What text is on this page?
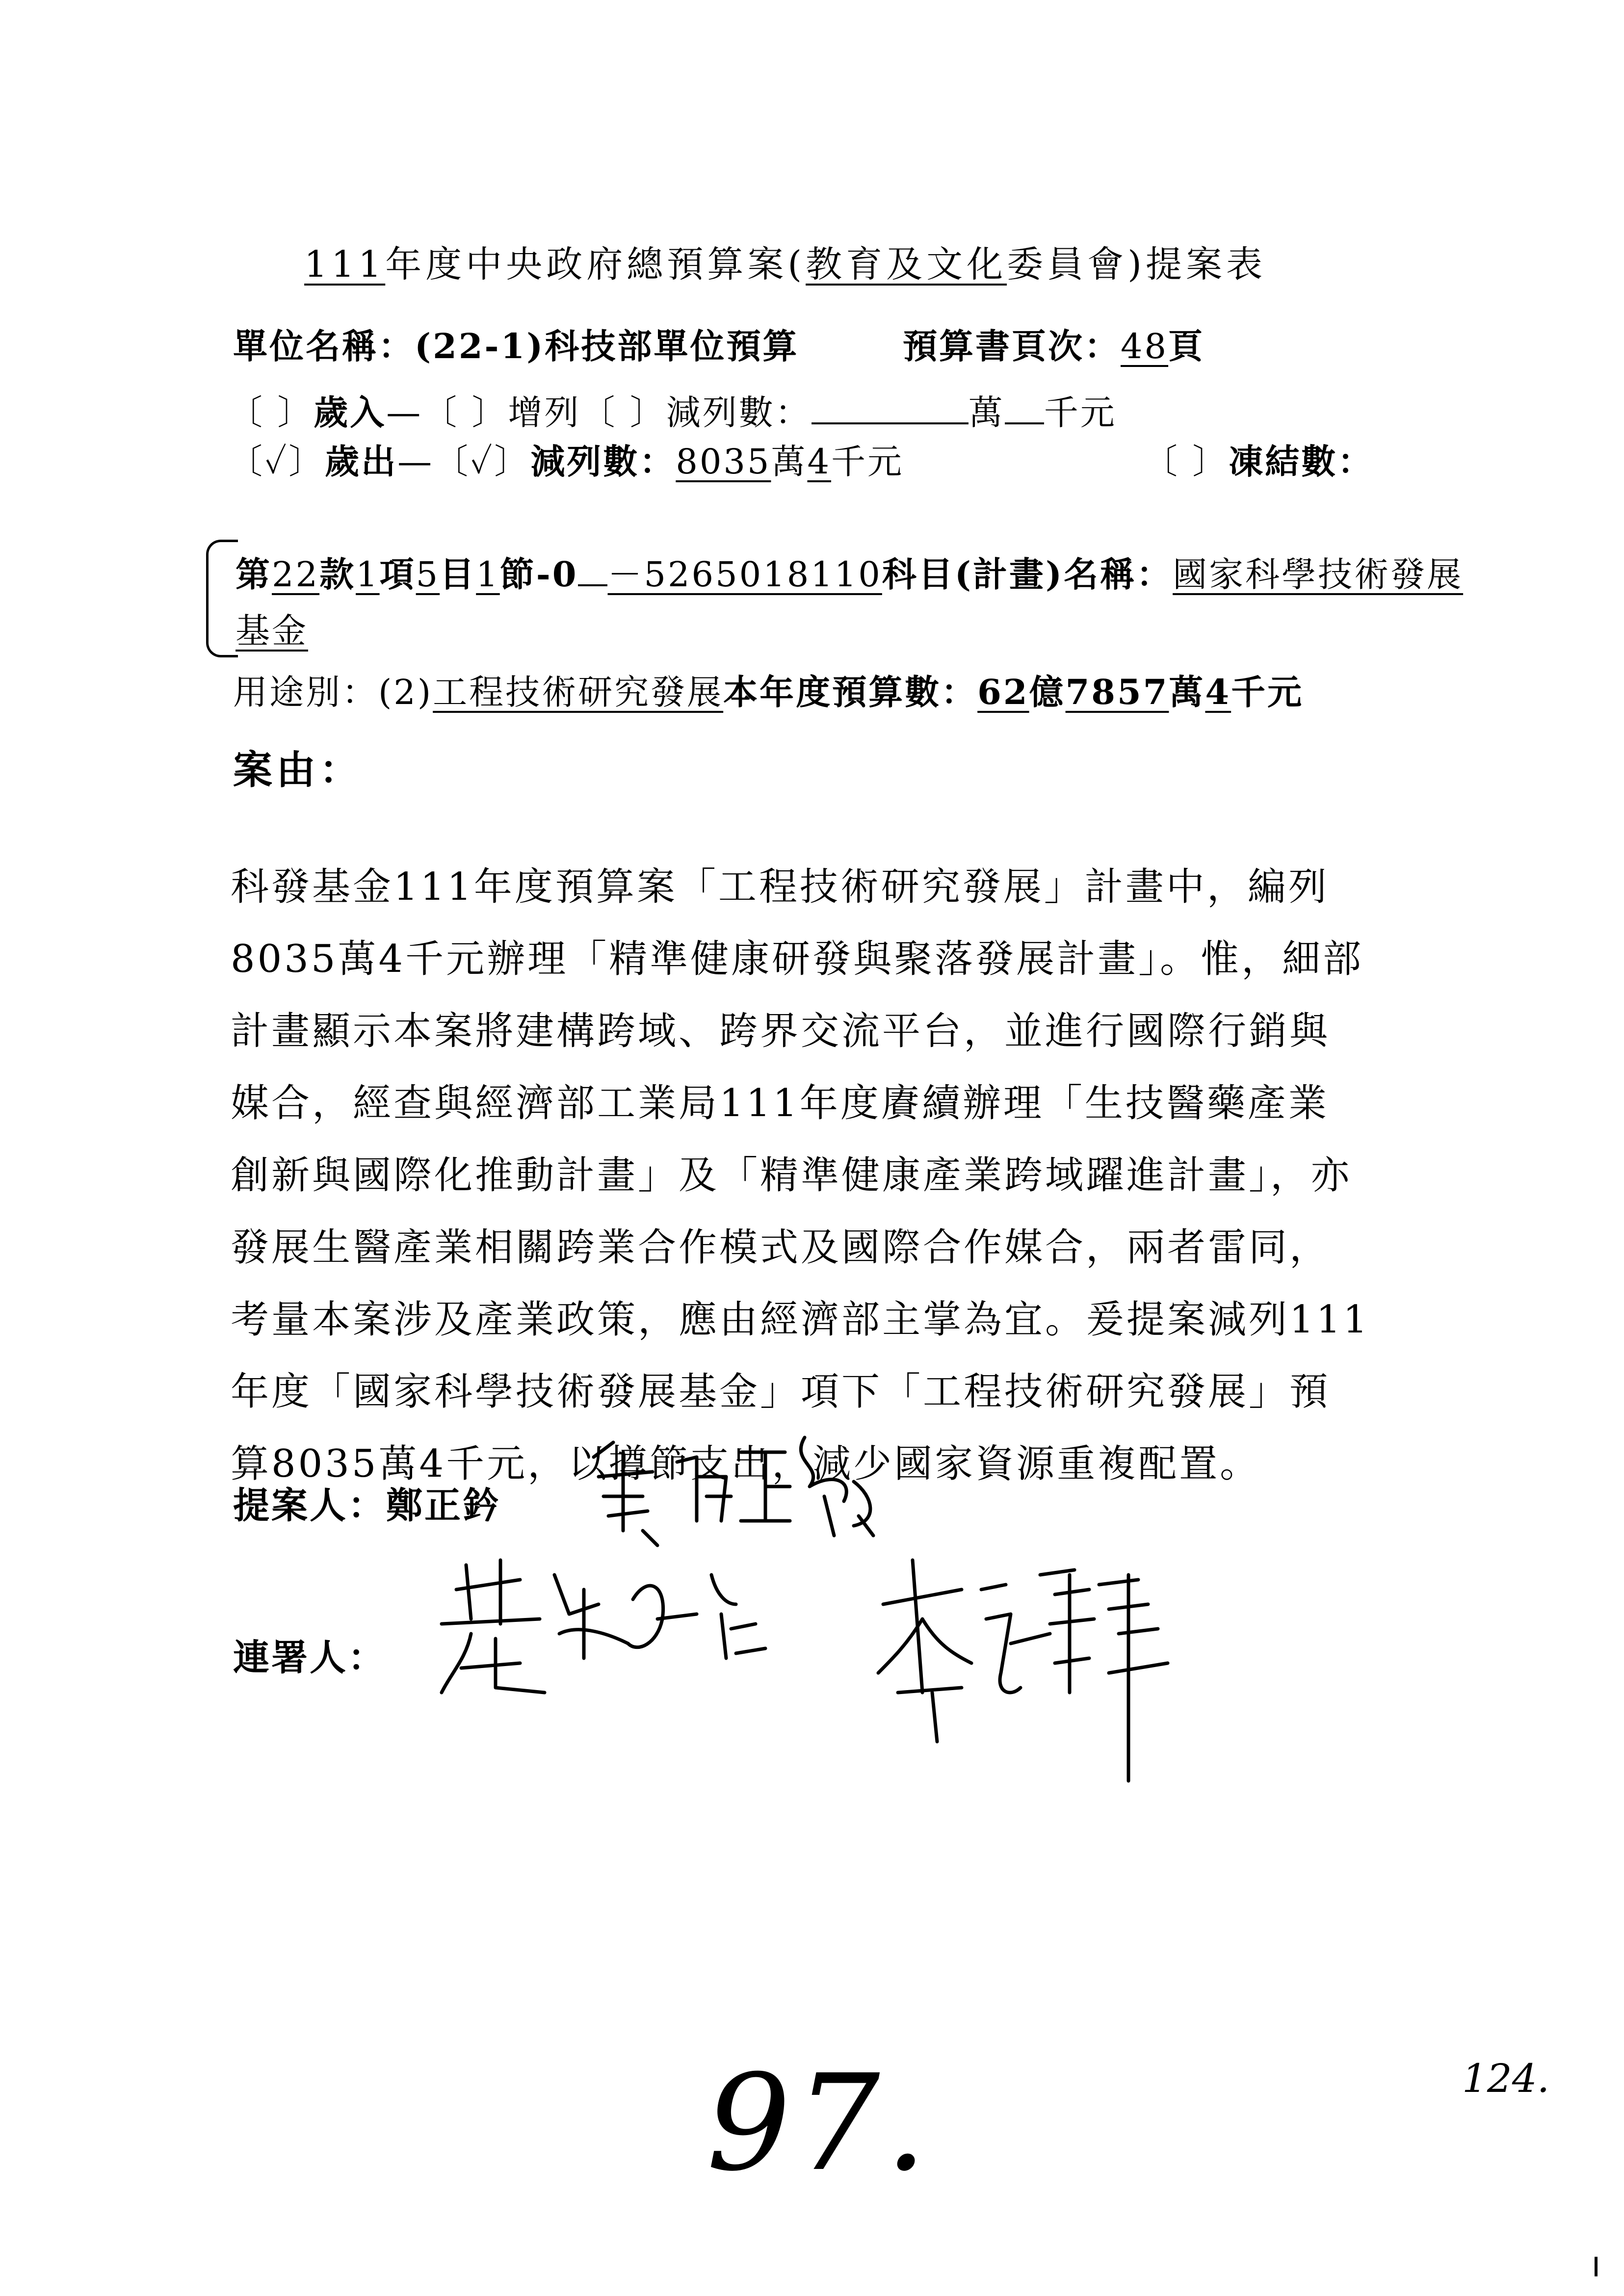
111年度中央政府總預算案(教育及文化委員會)提案表
單位名稱：(22-1)科技部單位預算	預算書頁次：48頁
〔 〕歲入—〔 〕增列〔 〕減列數：	萬 千元
〔✓〕歲出—〔✓〕減列數：8035萬4千元	〔 〕凍結數：
第22款1項5目1節-0 －5265018110科目(計畫)名稱：國家科學技術發展
基金
用途別：(2)工程技術研究發展本年度預算數：62億7857萬4千元
案由：

科發基金111年度預算案「工程技術研究發展」計畫中，編列

8035萬4千元辦理「精準健康研發與聚落發展計畫」。惟，細部

計畫顯示本案將建構跨域、跨界交流平台，並進行國際行銷與

媒合，經查與經濟部工業局111年度賡續辦理「生技醫藥產業

創新與國際化推動計畫」及「精準健康產業跨域躍進計畫」，亦

發展生醫產業相關跨業合作模式及國際合作媒合，兩者雷同，

考量本案涉及產業政策，應由經濟部主掌為宜。爰提案減列111

年度「國家科學技術發展基金」項下「工程技術研究發展」預

算8035萬4千元，以撙節支出，減少國家資源重複配置。

提案人：鄭正鈐
連署人：
97.	124.
